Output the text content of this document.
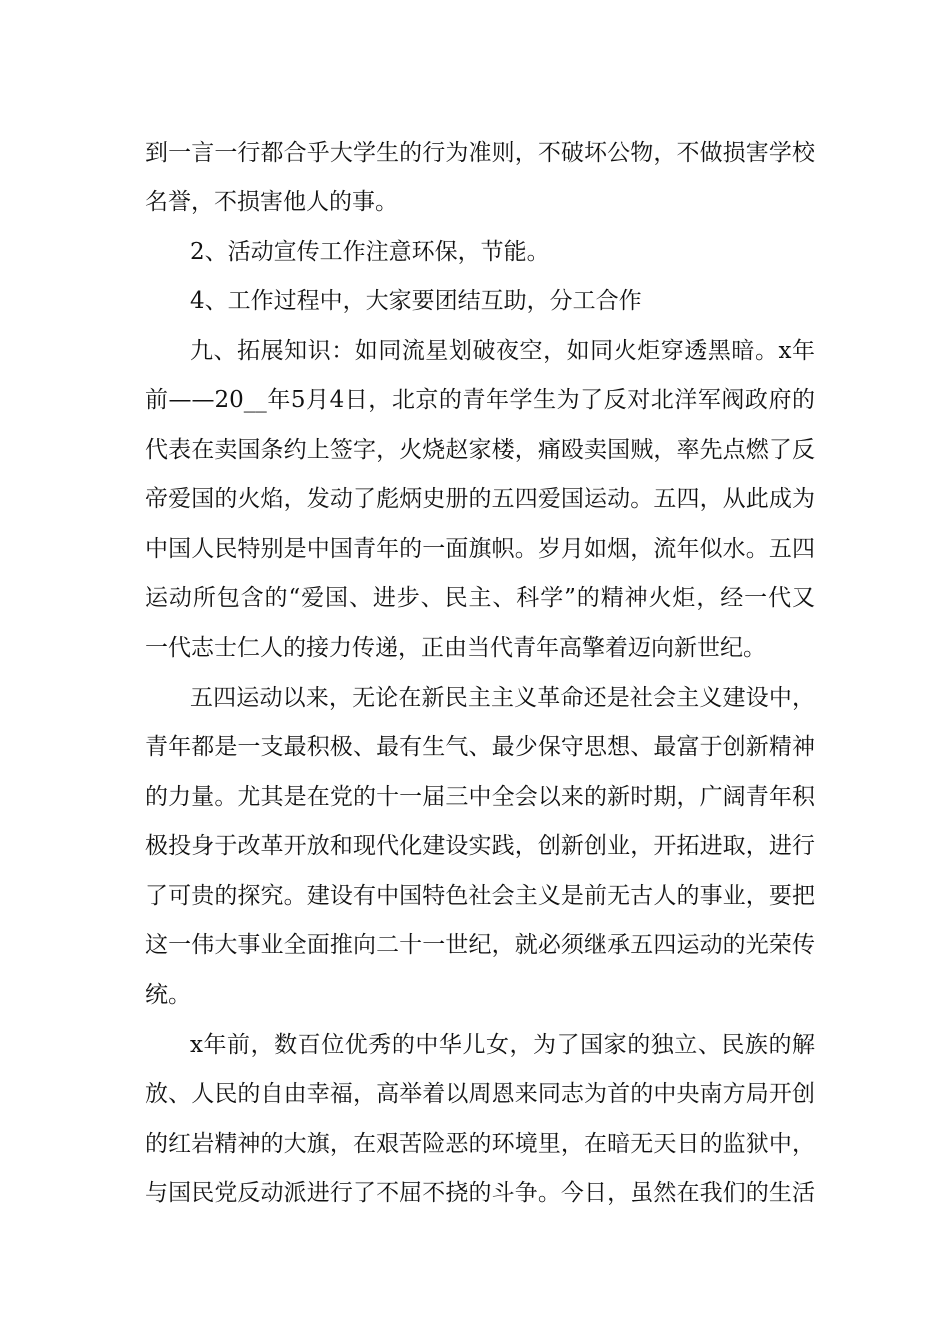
到一言一行都合乎大学生的行为准则，不破坏公物，不做损害学校
名誉，不损害他人的事。
2、活动宣传工作注意环保，节能。
4、工作过程中，大家要团结互助，分工合作
九、拓展知识：如同流星划破夜空，如同火炬穿透黑暗。x年
前——20__年5月4日，北京的青年学生为了反对北洋军阀政府的
代表在卖国条约上签字，火烧赵家楼，痛殴卖国贼，率先点燃了反
帝爱国的火焰，发动了彪炳史册的五四爱国运动。五四，从此成为
中国人民特别是中国青年的一面旗帜。岁月如烟，流年似水。五四
运动所包含的“爱国、进步、民主、科学”的精神火炬，经一代又
一代志士仁人的接力传递，正由当代青年高擎着迈向新世纪。
五四运动以来，无论在新民主主义革命还是社会主义建设中，
青年都是一支最积极、最有生气、最少保守思想、最富于创新精神
的力量。尤其是在党的十一届三中全会以来的新时期，广阔青年积
极投身于改革开放和现代化建设实践，创新创业，开拓进取，进行
了可贵的探究。建设有中国特色社会主义是前无古人的事业，要把
这一伟大事业全面推向二十一世纪，就必须继承五四运动的光荣传
统。
x年前，数百位优秀的中华儿女，为了国家的独立、民族的解
放、人民的自由幸福，高举着以周恩来同志为首的中央南方局开创
的红岩精神的大旗，在艰苦险恶的环境里，在暗无天日的监狱中，
与国民党反动派进行了不屈不挠的斗争。今日，虽然在我们的生活
